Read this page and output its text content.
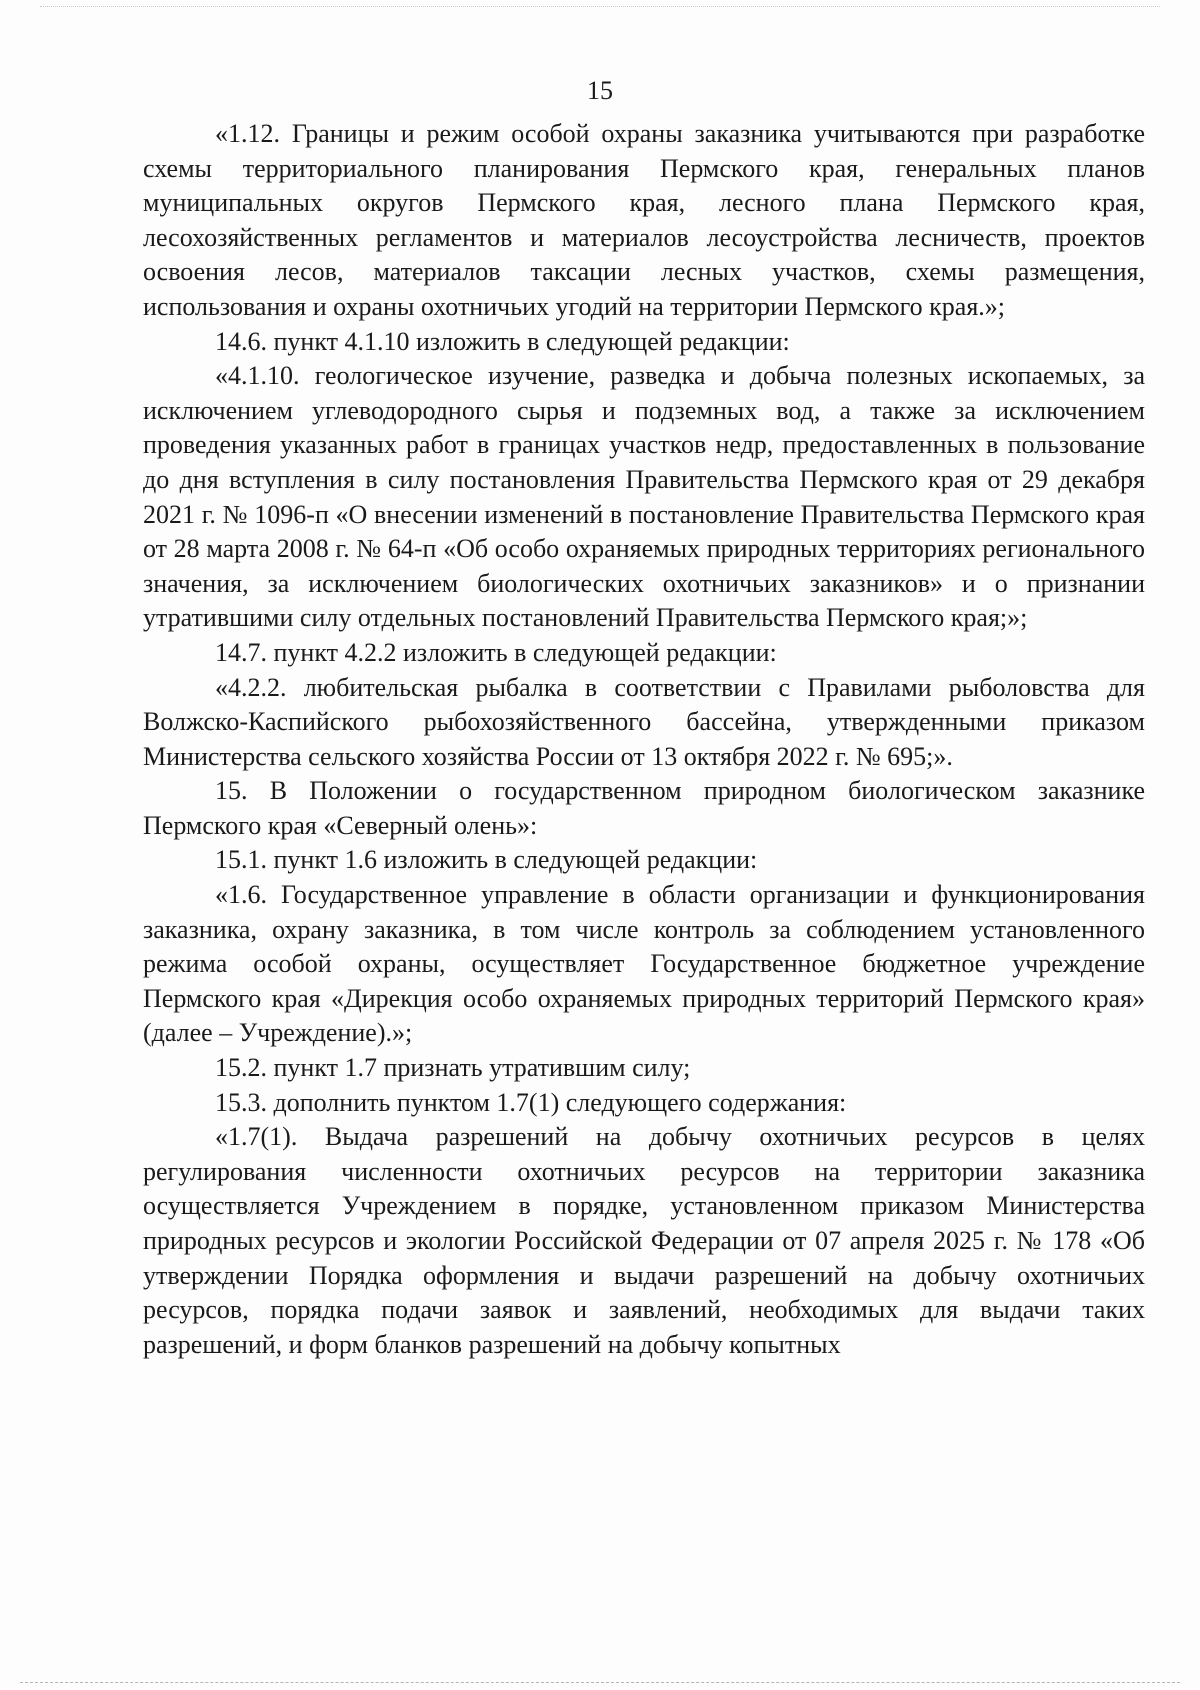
15

«1.12. Границы и режим особой охраны заказника учитываются при разработке схемы территориального планирования Пермского края, генеральных планов муниципальных округов Пермского края, лесного плана Пермского края, лесохозяйственных регламентов и материалов лесоустройства лесничеств, проектов освоения лесов, материалов таксации лесных участков, схемы размещения, использования и охраны охотничьих угодий на территории Пермского края.»;

14.6. пункт 4.1.10 изложить в следующей редакции:

«4.1.10. геологическое изучение, разведка и добыча полезных ископаемых, за исключением углеводородного сырья и подземных вод, а также за исключением проведения указанных работ в границах участков недр, предоставленных в пользование до дня вступления в силу постановления Правительства Пермского края от 29 декабря 2021 г. № 1096-п «О внесении изменений в постановление Правительства Пермского края от 28 марта 2008 г. № 64-п «Об особо охраняемых природных территориях регионального значения, за исключением биологических охотничьих заказников» и о признании утратившими силу отдельных постановлений Правительства Пермского края;»;

14.7. пункт 4.2.2 изложить в следующей редакции:

«4.2.2. любительская рыбалка в соответствии с Правилами рыболовства для Волжско-Каспийского рыбохозяйственного бассейна, утвержденными приказом Министерства сельского хозяйства России от 13 октября 2022 г. № 695;».

15. В Положении о государственном природном биологическом заказнике Пермского края «Северный олень»:

15.1. пункт 1.6 изложить в следующей редакции:

«1.6. Государственное управление в области организации и функционирования заказника, охрану заказника, в том числе контроль за соблюдением установленного режима особой охраны, осуществляет Государственное бюджетное учреждение Пермского края «Дирекция особо охраняемых природных территорий Пермского края» (далее – Учреждение).»;

15.2. пункт 1.7 признать утратившим силу;

15.3. дополнить пунктом 1.7(1) следующего содержания:

«1.7(1). Выдача разрешений на добычу охотничьих ресурсов в целях регулирования численности охотничьих ресурсов на территории заказника осуществляется Учреждением в порядке, установленном приказом Министерства природных ресурсов и экологии Российской Федерации от 07 апреля 2025 г. № 178 «Об утверждении Порядка оформления и выдачи разрешений на добычу охотничьих ресурсов, порядка подачи заявок и заявлений, необходимых для выдачи таких разрешений, и форм бланков разрешений на добычу копытных
